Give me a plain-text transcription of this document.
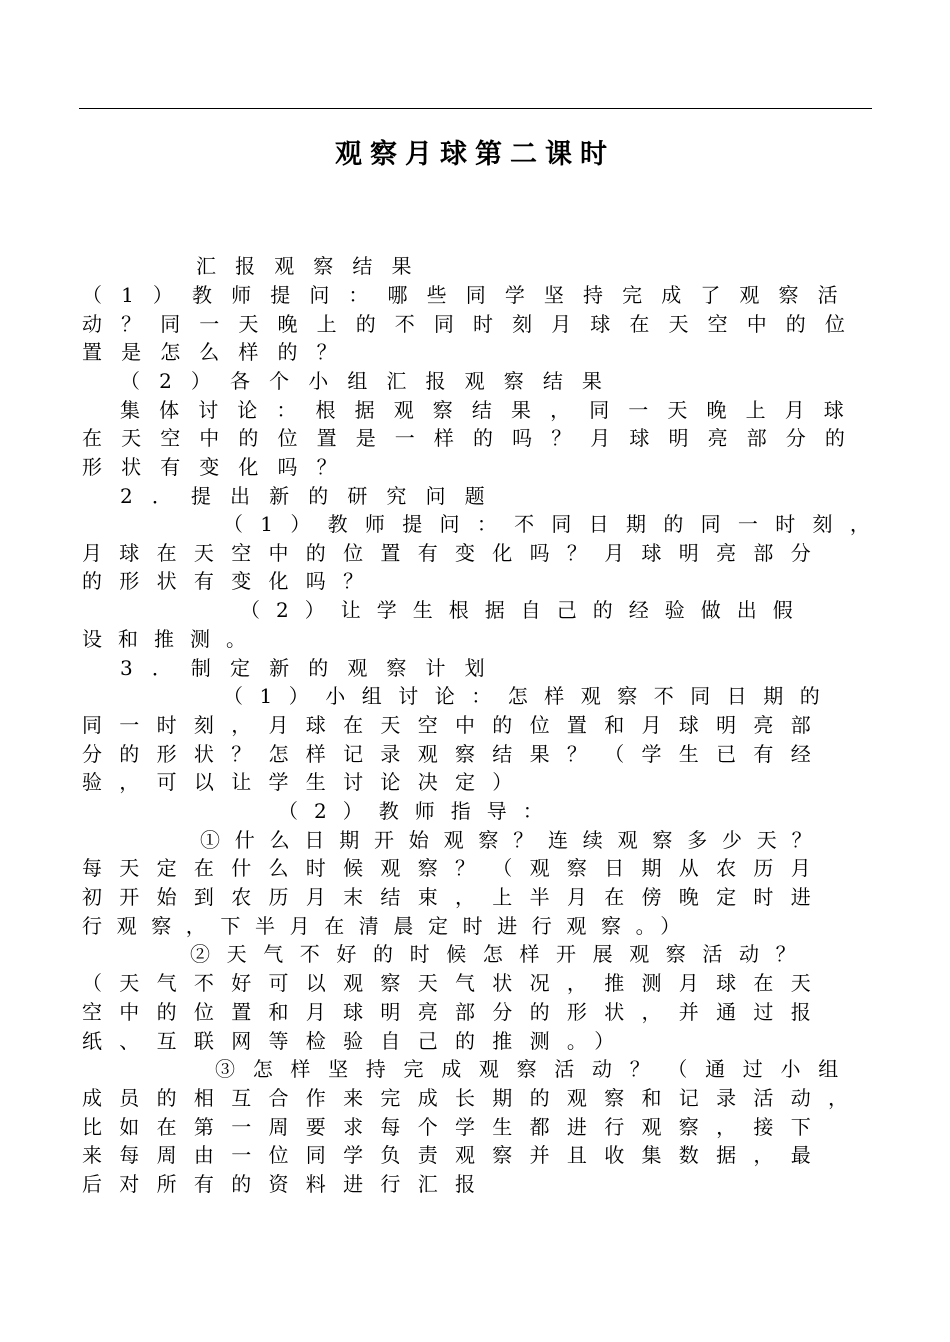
观察月球第二课时
汇报观察结果
（1）教师提问：哪些同学坚持完成了观察活
动？同一天晚上的不同时刻月球在天空中的位
置是怎么样的？
（2）各个小组汇报观察结果
集体讨论：根据观察结果，同一天晚上月球
在天空中的位置是一样的吗？月球明亮部分的
形状有变化吗？
2．提出新的研究问题
（1）教师提问：不同日期的同一时刻，
月球在天空中的位置有变化吗？月球明亮部分
的形状有变化吗？
（2）让学生根据自己的经验做出假
设和推测。
3．制定新的观察计划
（1）小组讨论：怎样观察不同日期的
同一时刻，月球在天空中的位置和月球明亮部
分的形状？怎样记录观察结果？（学生已有经
验，可以让学生讨论决定）
（2）教师指导：
①什么日期开始观察？连续观察多少天？
每天定在什么时候观察？（观察日期从农历月
初开始到农历月末结束，上半月在傍晚定时进
行观察，下半月在清晨定时进行观察。）
②天气不好的时候怎样开展观察活动？
（天气不好可以观察天气状况，推测月球在天
空中的位置和月球明亮部分的形状，并通过报
纸、互联网等检验自己的推测。）
③怎样坚持完成观察活动？（通过小组
成员的相互合作来完成长期的观察和记录活动，
比如在第一周要求每个学生都进行观察，接下
来每周由一位同学负责观察并且收集数据，最
后对所有的资料进行汇报
